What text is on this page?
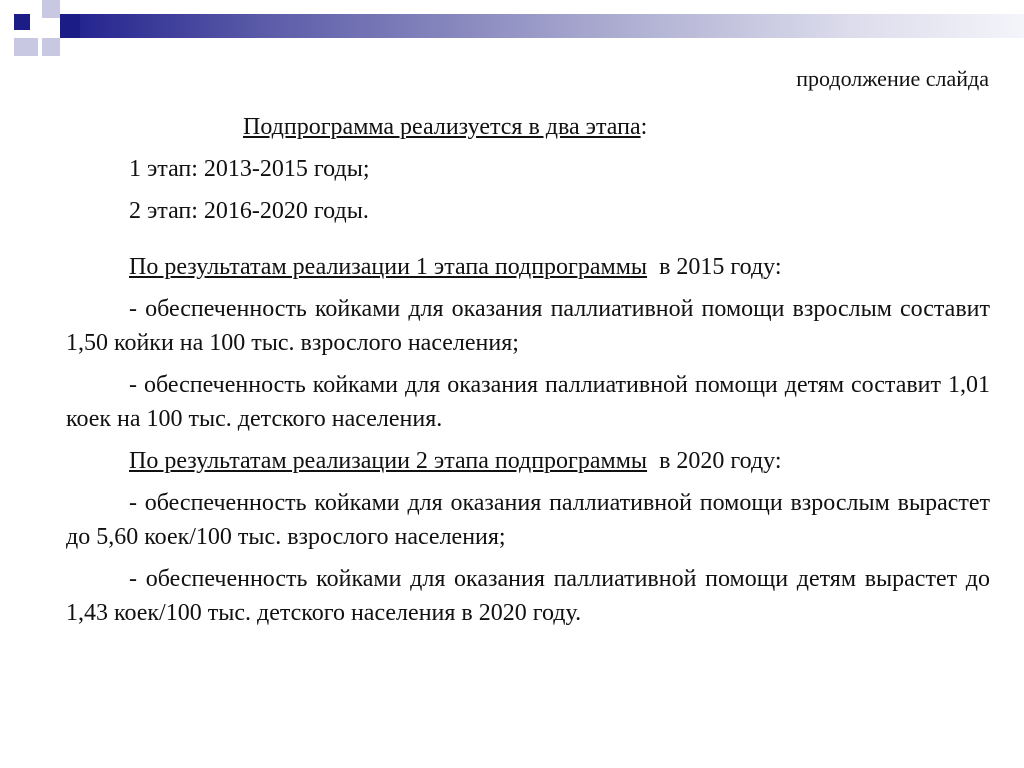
продолжение слайда

Подпрограмма реализуется в два этапа:

1 этап: 2013-2015 годы;

2 этап: 2016-2020 годы.

По результатам реализации 1 этапа подпрограммы  в 2015 году:

- обеспеченность койками для оказания паллиативной помощи взрослым составит 1,50 койки на 100 тыс. взрослого населения;

- обеспеченность койками для оказания паллиативной помощи детям составит 1,01 коек на 100 тыс. детского населения.

По результатам реализации 2 этапа подпрограммы  в 2020 году:

- обеспеченность койками для оказания паллиативной помощи взрослым вырастет до 5,60 коек/100 тыс. взрослого населения;

- обеспеченность койками для оказания паллиативной помощи детям вырастет до 1,43 коек/100 тыс. детского населения в 2020 году.
